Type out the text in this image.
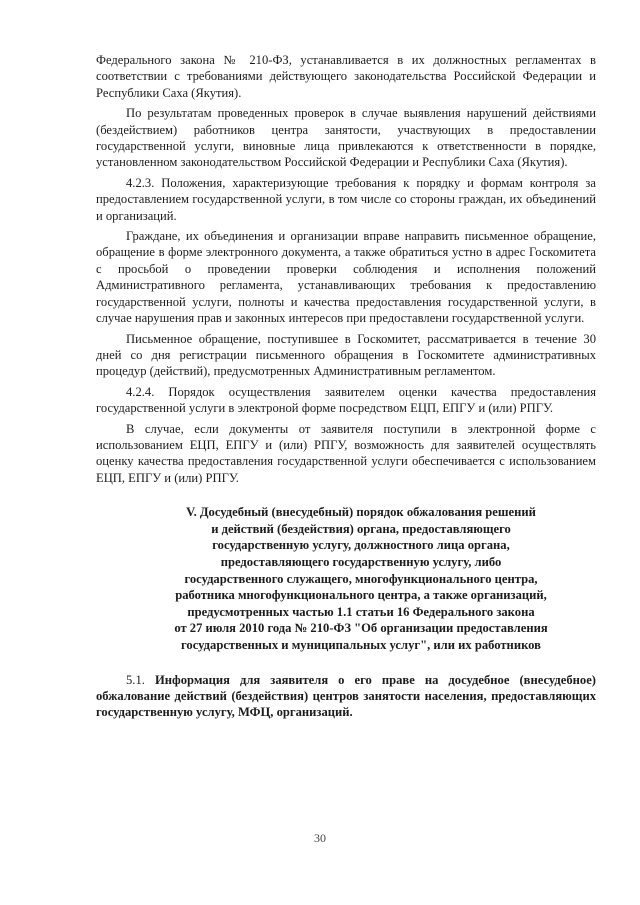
Федерального закона № 210-ФЗ, устанавливается в их должностных регламентах в соответствии с требованиями действующего законодательства Российской Федерации и Республики Саха (Якутия).

По результатам проведенных проверок в случае выявления нарушений действиями (бездействием) работников центра занятости, участвующих в предоставлении государственной услуги, виновные лица привлекаются к ответственности в порядке, установленном законодательством Российской Федерации и Республики Саха (Якутия).

4.2.3. Положения, характеризующие требования к порядку и формам контроля за предоставлением государственной услуги, в том числе со стороны граждан, их объединений и организаций.

Граждане, их объединения и организации вправе направить письменное обращение, обращение в форме электронного документа, а также обратиться устно в адрес Госкомитета с просьбой о проведении проверки соблюдения и исполнения положений Административного регламента, устанавливающих требования к предоставлению государственной услуги, полноты и качества предоставления государственной услуги, в случае нарушения прав и законных интересов при предоставлени государственной услуги.

Письменное обращение, поступившее в Госкомитет, рассматривается в течение 30 дней со дня регистрации письменного обращения в Госкомитете административных процедур (действий), предусмотренных Административным регламентом.

4.2.4. Порядок осуществления заявителем оценки качества предоставления государственной услуги в электроной форме посредством ЕЦП, ЕПГУ и (или) РПГУ.

В случае, если документы от заявителя поступили в электронной форме с использованием ЕЦП, ЕПГУ и (или) РПГУ, возможность для заявителей осуществлять оценку качества предоставления государственной услуги обеспечивается с использованием ЕЦП, ЕПГУ и (или) РПГУ.

V. Досудебный (внесудебный) порядок обжалования решений
и действий (бездействия) органа, предоставляющего
государственную услугу, должностного лица органа,
предоставляющего государственную услугу, либо
государственного служащего, многофункционального центра,
работника многофункционального центра, а также организаций,
предусмотренных частью 1.1 статьи 16 Федерального закона
от 27 июля 2010 года № 210-ФЗ "Об организации предоставления
государственных и муниципальных услуг", или их работников

5.1. Информация для заявителя о его праве на досудебное (внесудебное) обжалование действий (бездействия) центров занятости населения, предоставляющих государственную услугу, МФЦ, организаций.

30
